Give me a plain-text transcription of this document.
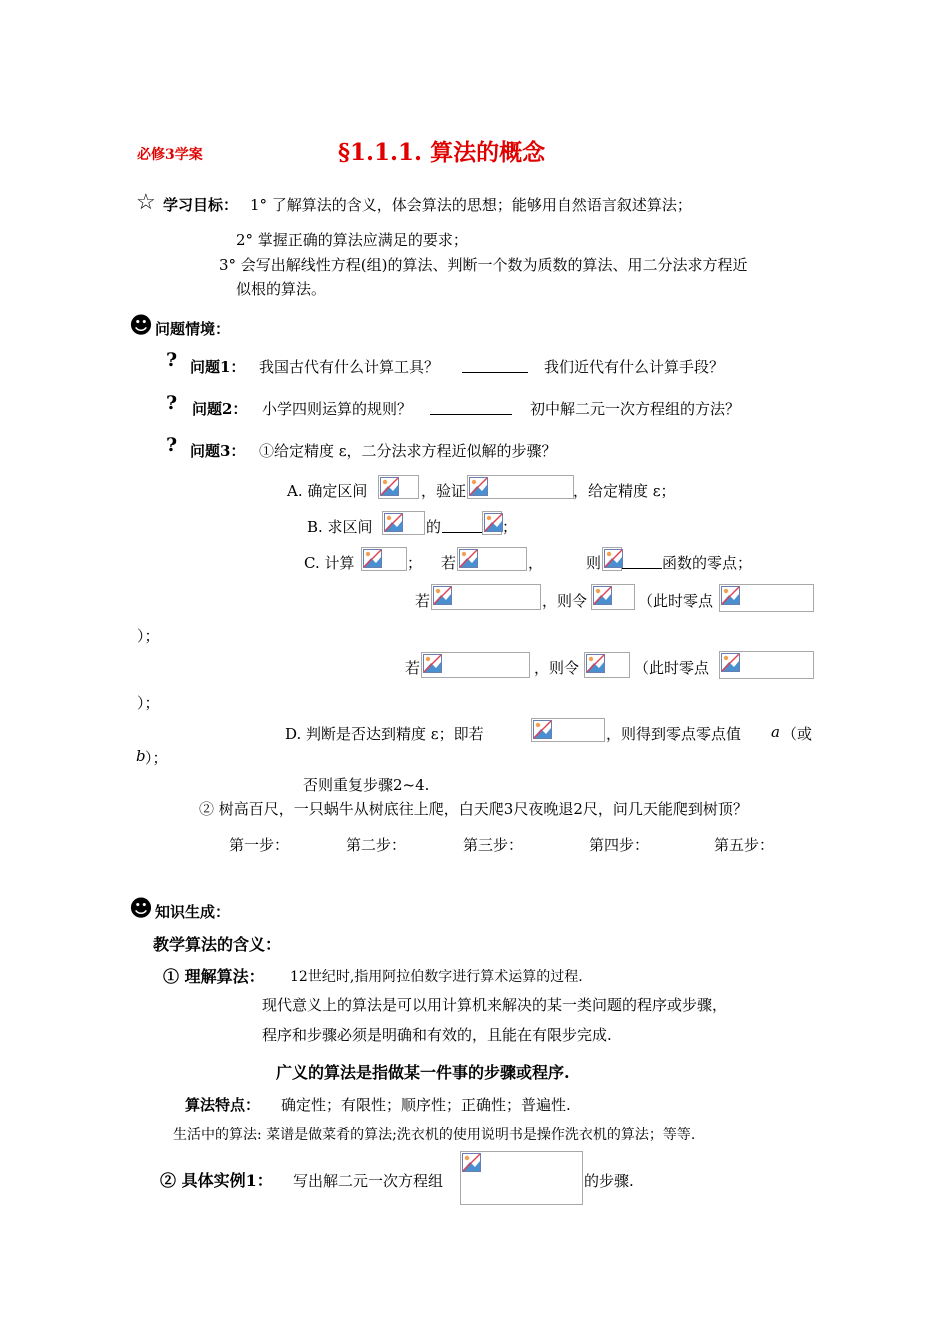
必修3学案	§1.1.1. 算法的概念
☆ 学习目标： 1° 了解算法的含义，体会算法的思想；能够用自然语言叙述算法；
2° 掌握正确的算法应满足的要求；
3° 会写出解线性方程(组)的算法、判断一个数为质数的算法、用二分法求方程近
似根的算法。
☻ 问题情境：
? 问题1： 我国古代有什么计算工具？	我们近代有什么计算手段？
? 问题2： 小学四则运算的规则？	初中解二元一次方程组的方法？
? 问题3： ①给定精度 ε，二分法求方程近似解的步骤？
A. 确定区间	，验证	，给定精度 ε；
B. 求区间	的	；
C. 计算	； 若	，	则	函数的零点；
若	，则令	（此时零点
）；
若	，则令	（此时零点
）；
D. 判断是否达到精度 ε；即若	，则得到零点零点值 a （或
b ）；
否则重复步骤2~4.
② 树高百尺，一只蜗牛从树底往上爬，白天爬3尺夜晚退2尺，问几天能爬到树顶？
第一步：	第二步：	第三步：	第四步：	第五步：
☻ 知识生成：
教学算法的含义：
① 理解算法： 12世纪时,指用阿拉伯数字进行算术运算的过程.
现代意义上的算法是可以用计算机来解决的某一类问题的程序或步骤，
程序和步骤必须是明确和有效的，且能在有限步完成.
广义的算法是指做某一件事的步骤或程序.
算法特点： 确定性；有限性；顺序性；正确性；普遍性.
生活中的算法: 菜谱是做菜肴的算法;洗衣机的使用说明书是操作洗衣机的算法；等等.
② 具体实例1： 写出解二元一次方程组	的步骤.
